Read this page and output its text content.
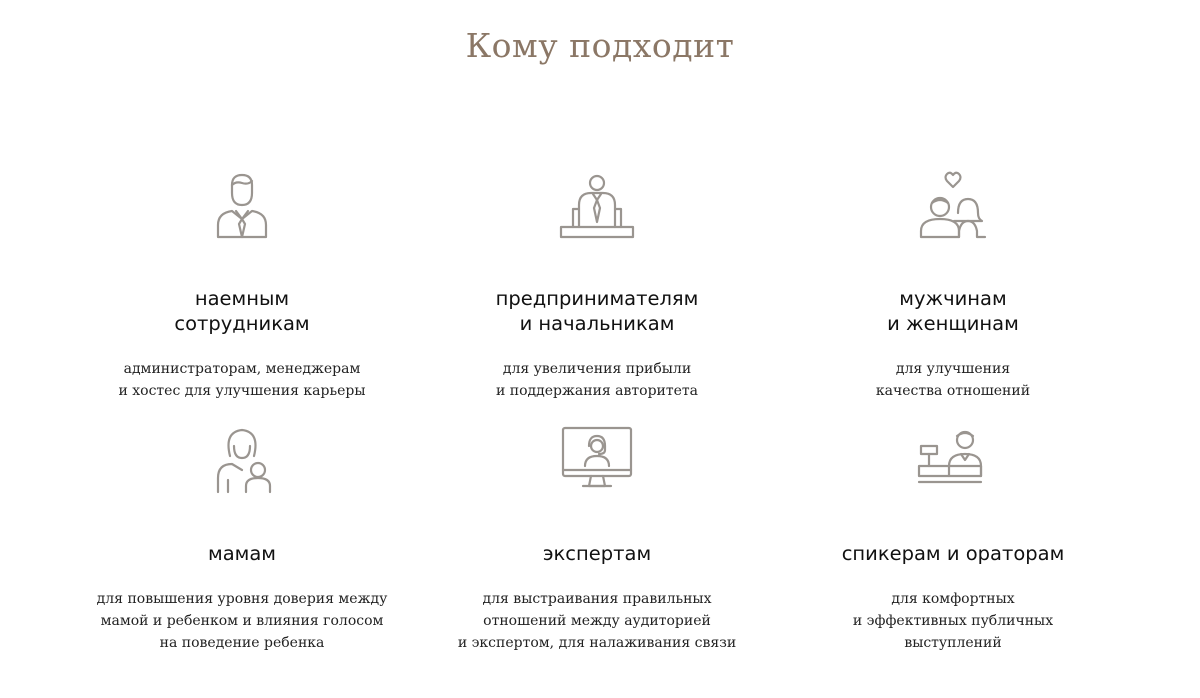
Кому подходит
наемным
сотрудникам
администраторам, менеджерам
и хостес для улучшения карьеры
предпринимателям
и начальникам
для увеличения прибыли
и поддержания авторитета
мужчинам
и женщинам
для улучшения
качества отношений
мамам
для повышения уровня доверия между
мамой и ребенком и влияния голосом
на поведение ребенка
экспертам
для выстраивания правильных
отношений между аудиторией
и экспертом, для налаживания связи
спикерам и ораторам
для комфортных
и эффективных публичных
выступлений
